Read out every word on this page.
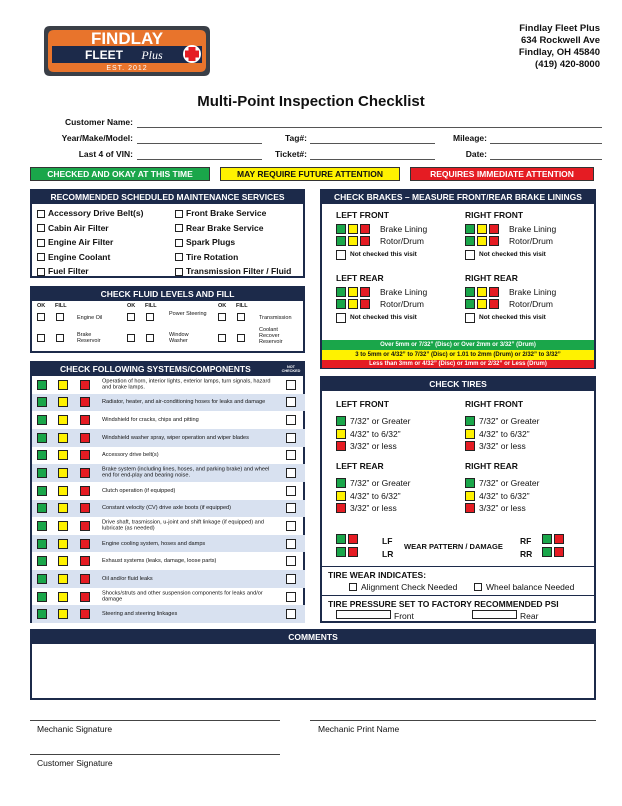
FINDLAY
FLEET Plus
EST. 2012
Findlay Fleet Plus
634 Rockwell Ave
Findlay, OH 45840
(419) 420-8000
Multi-Point Inspection Checklist
Customer Name:
Year/Make/Model:	Tag#:	Mileage:
Last 4 of VIN:	Ticket#:	Date:
CHECKED AND OKAY AT THIS TIME	MAY REQUIRE FUTURE ATTENTION	REQUIRES IMMEDIATE ATTENTION
RECOMMENDED SCHEDULED MAINTENANCE SERVICES
Accessory Drive Belt(s)
Cabin Air Filter
Engine Air Filter
Engine Coolant
Fuel Filter
Front Brake Service
Rear Brake Service
Spark Plugs
Tire Rotation
Transmission Filter / Fluid
CHECK FLUID LEVELS AND FILL
OK FILL	OK FILL	OK FILL
Engine Oil
Power Steering
Transmission
Brake Reservoir
Window Washer
Coolant Recover Reservoir
CHECK FOLLOWING SYSTEMS/COMPONENTS	NOT CHECKED
Operation of horn, interior lights, exterior lamps, turn signals, hazard and brake lamps.
Radiator, heater, and air-conditioning hoses for leaks and damage
Windshield for cracks, chips and pitting
Windshield washer spray, wiper operation and wiper blades
Accessory drive belt(s)
Brake system (including lines, hoses, and parking brake) and wheel end for end-play and bearing noise.
Clutch operation (if equipped)
Constant velocity (CV) drive axle boots (if equipped)
Drive shaft, trasmission, u-joint and shift linkage (if equipped) and lubricate (as needed)
Engine cooling system, hoses and damps
Exhaust systems (leaks, damage, loose parts)
Oil and/or fluid leaks
Shocks/struts and other suspension components for leaks and/or damage
Steering and steering linkages
CHECK BRAKES – MEASURE FRONT/REAR BRAKE LININGS
LEFT FRONT	RIGHT FRONT
LEFT REAR	RIGHT REAR
Over 5mm or 7/32” (Disc) or Over 2mm or 3/32” (Drum)
3 to 5mm or 4/32” to 7/32” (Disc) or 1.01 to 2mm (Drum) or 2/32” to 3/32”
Less than 3mm or 4/32” (Disc) or 1mm or 2/32” or Less (Drum)
Brake Lining
Rotor/Drum
Not checked this visit
Brake Lining
Rotor/Drum
Not checked this visit
Brake Lining
Rotor/Drum
Not checked this visit
Brake Lining
Rotor/Drum
Not checked this visit
CHECK TIRES
LEFT FRONT	RIGHT FRONT
LEFT REAR	RIGHT REAR
LF
LR
WEAR PATTERN / DAMAGE
RF
RR
TIRE WEAR INDICATES:
Alignment Check Needed	Wheel balance Needed
TIRE PRESSURE SET TO FACTORY RECOMMENDED PSI
Front	Rear
7/32” or Greater
4/32” to 6/32”
3/32” or less
7/32” or Greater
4/32” to 6/32”
3/32” or less
7/32” or Greater
4/32” to 6/32”
3/32” or less
7/32” or Greater
4/32” to 6/32”
3/32” or less
COMMENTS
Mechanic Signature	Mechanic Print Name
Customer Signature
